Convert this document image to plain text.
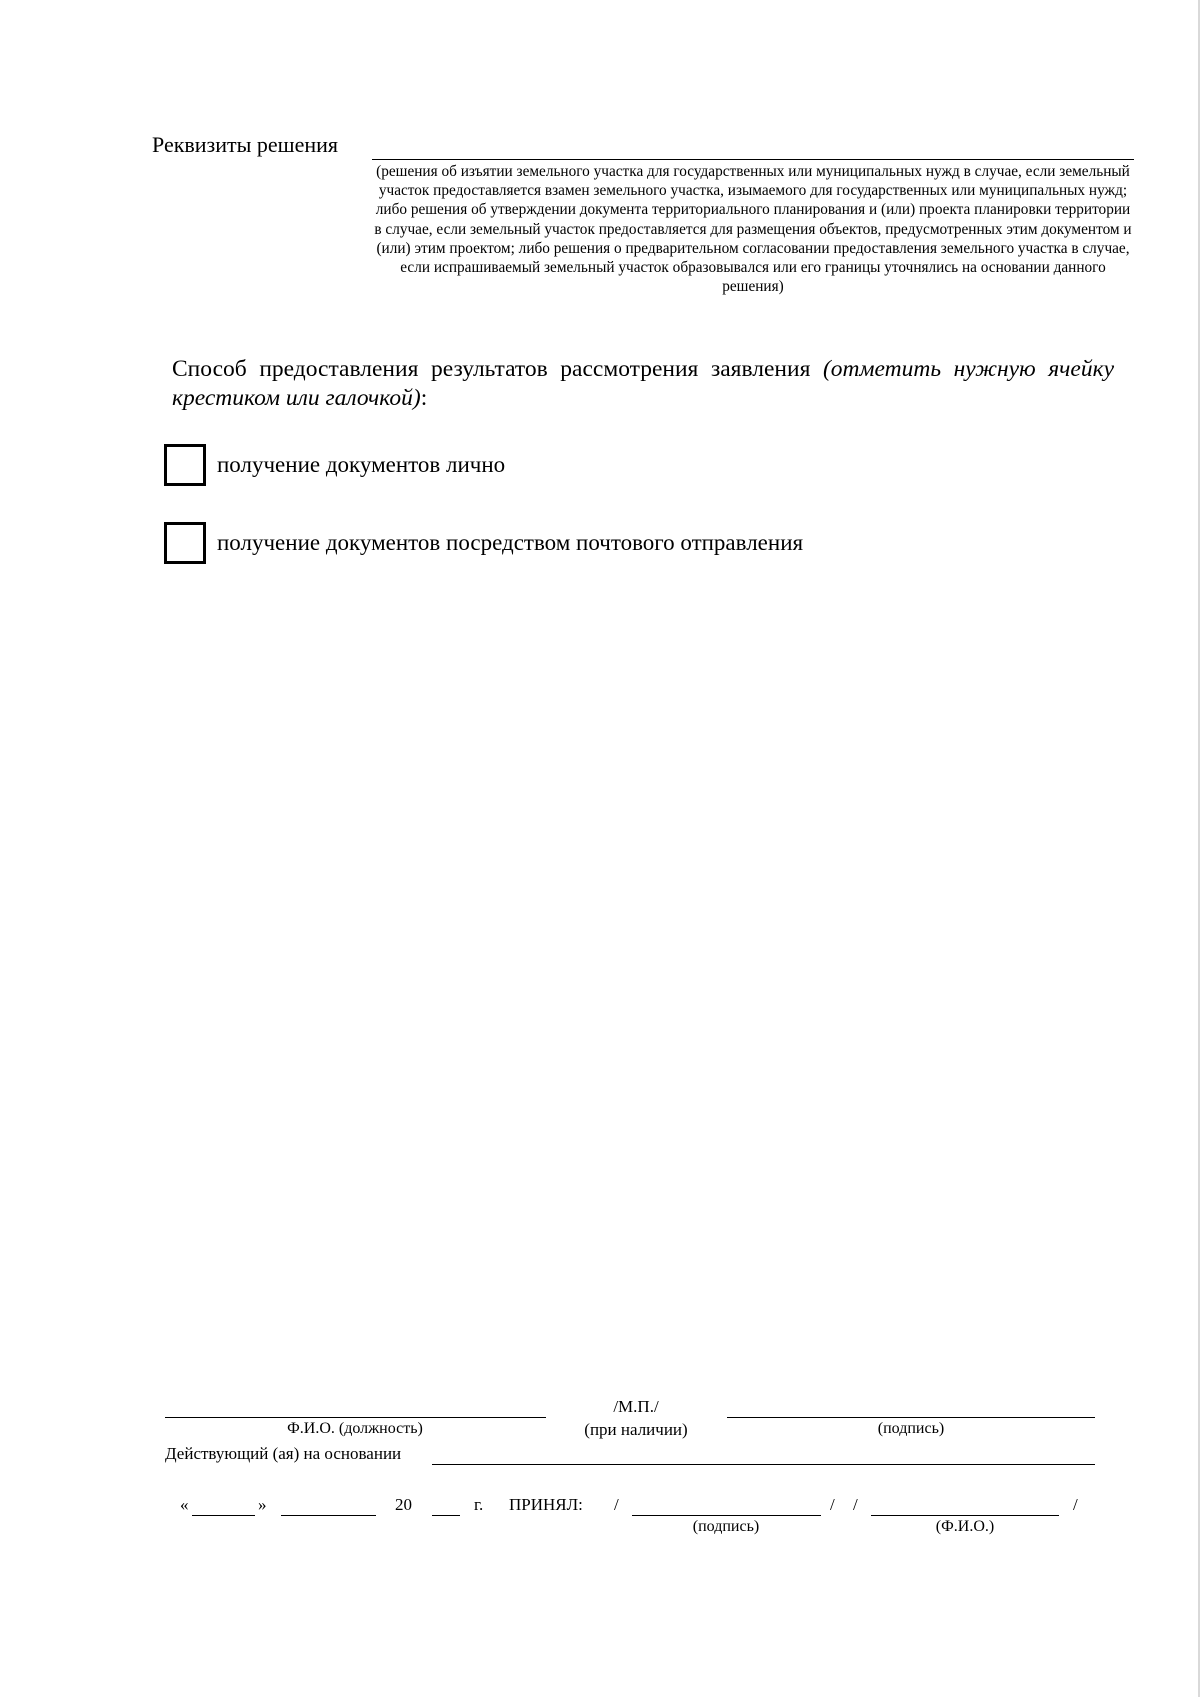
Реквизиты решения
(решения об изъятии земельного участка для государственных или муниципальных нужд в случае, если земельный участок предоставляется взамен земельного участка, изымаемого для государственных или муниципальных нужд; либо решения об утверждении документа территориального планирования и (или) проекта планировки территории в случае, если земельный участок предоставляется для размещения объектов, предусмотренных этим документом и (или) этим проектом; либо решения о предварительном согласовании предоставления земельного участка в случае, если испрашиваемый земельный участок образовывался или его границы уточнялись на основании данного решения)
Способ предоставления результатов рассмотрения заявления (отметить нужную ячейку крестиком или галочкой):
получение документов лично
получение документов посредством почтового отправления
Ф.И.О. (должность)
/М.П./
(при наличии)	(подпись)
Действующий (ая) на основании
«	»	20	г. ПРИНЯЛ: /
(подпись)
/ /
(Ф.И.О.)
/
